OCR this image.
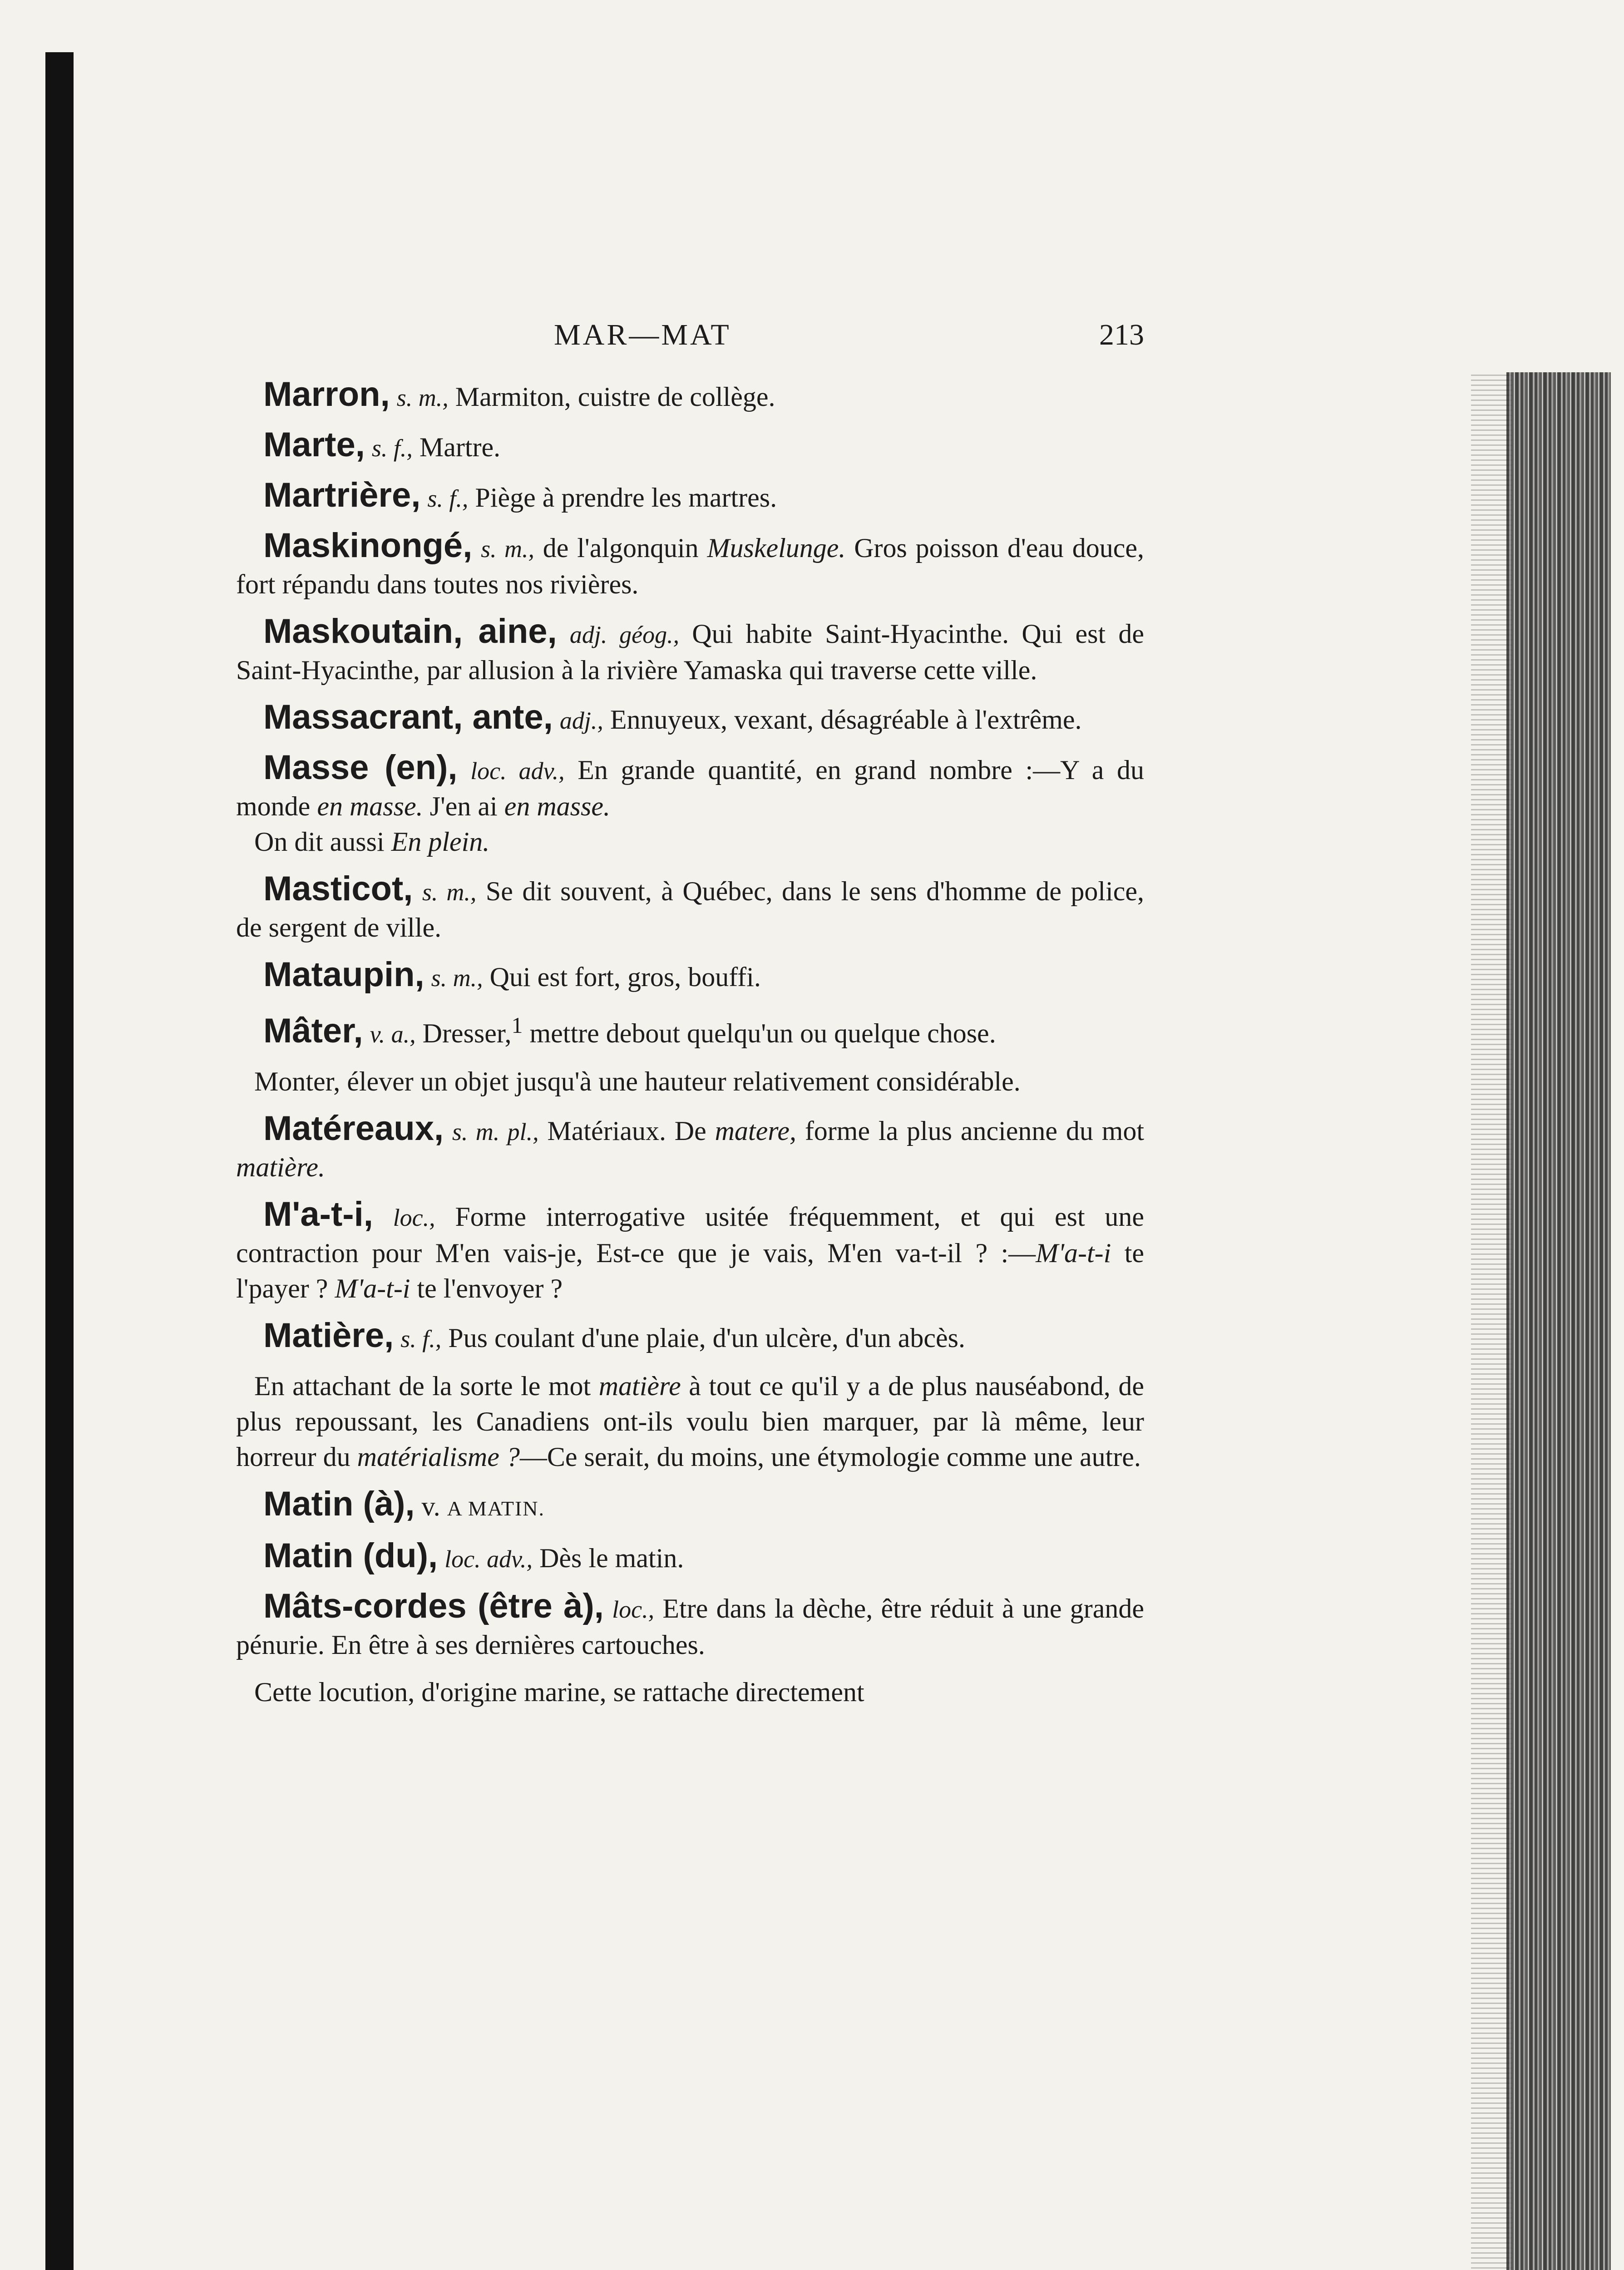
MAR—MAT	213

Marron, s. m., Marmiton, cuistre de collège.

Marte, s. f., Martre.

Martrière, s. f., Piège à prendre les martres.

Maskinongé, s. m., de l'algonquin Muskelunge. Gros poisson d'eau douce, fort répandu dans toutes nos rivières.

Maskoutain, aine, adj. géog., Qui habite Saint-Hyacinthe. Qui est de Saint-Hyacinthe, par allusion à la rivière Yamaska qui traverse cette ville.

Massacrant, ante, adj., Ennuyeux, vexant, désagréable à l'extrême.

Masse (en), loc. adv., En grande quantité, en grand nombre :—Y a du monde en masse. J'en ai en masse.
On dit aussi En plein.

Masticot, s. m., Se dit souvent, à Québec, dans le sens d'homme de police, de sergent de ville.

Mataupin, s. m., Qui est fort, gros, bouffi.

Mâter, v. a., Dresser,$^1$ mettre debout quelqu'un ou quelque chose.

Monter, élever un objet jusqu'à une hauteur relativement considérable.

Matéreaux, s. m. pl., Matériaux. De matere, forme la plus ancienne du mot matière.

M'a-t-i, loc., Forme interrogative usitée fréquemment, et qui est une contraction pour M'en vais-je, Est-ce que je vais, M'en va-t-il ? :—M'a-t-i te l'payer ? M'a-t-i te l'envoyer ?

Matière, s. f., Pus coulant d'une plaie, d'un ulcère, d'un abcès.

En attachant de la sorte le mot matière à tout ce qu'il y a de plus nauséabond, de plus repoussant, les Canadiens ont-ils voulu bien marquer, par là même, leur horreur du matérialisme ?—Ce serait, du moins, une étymologie comme une autre.

Matin (à), v. A MATIN.

Matin (du), loc. adv., Dès le matin.

Mâts-cordes (être à), loc., Etre dans la dèche, être réduit à une grande pénurie. En être à ses dernières cartouches.

Cette locution, d'origine marine, se rattache directement
